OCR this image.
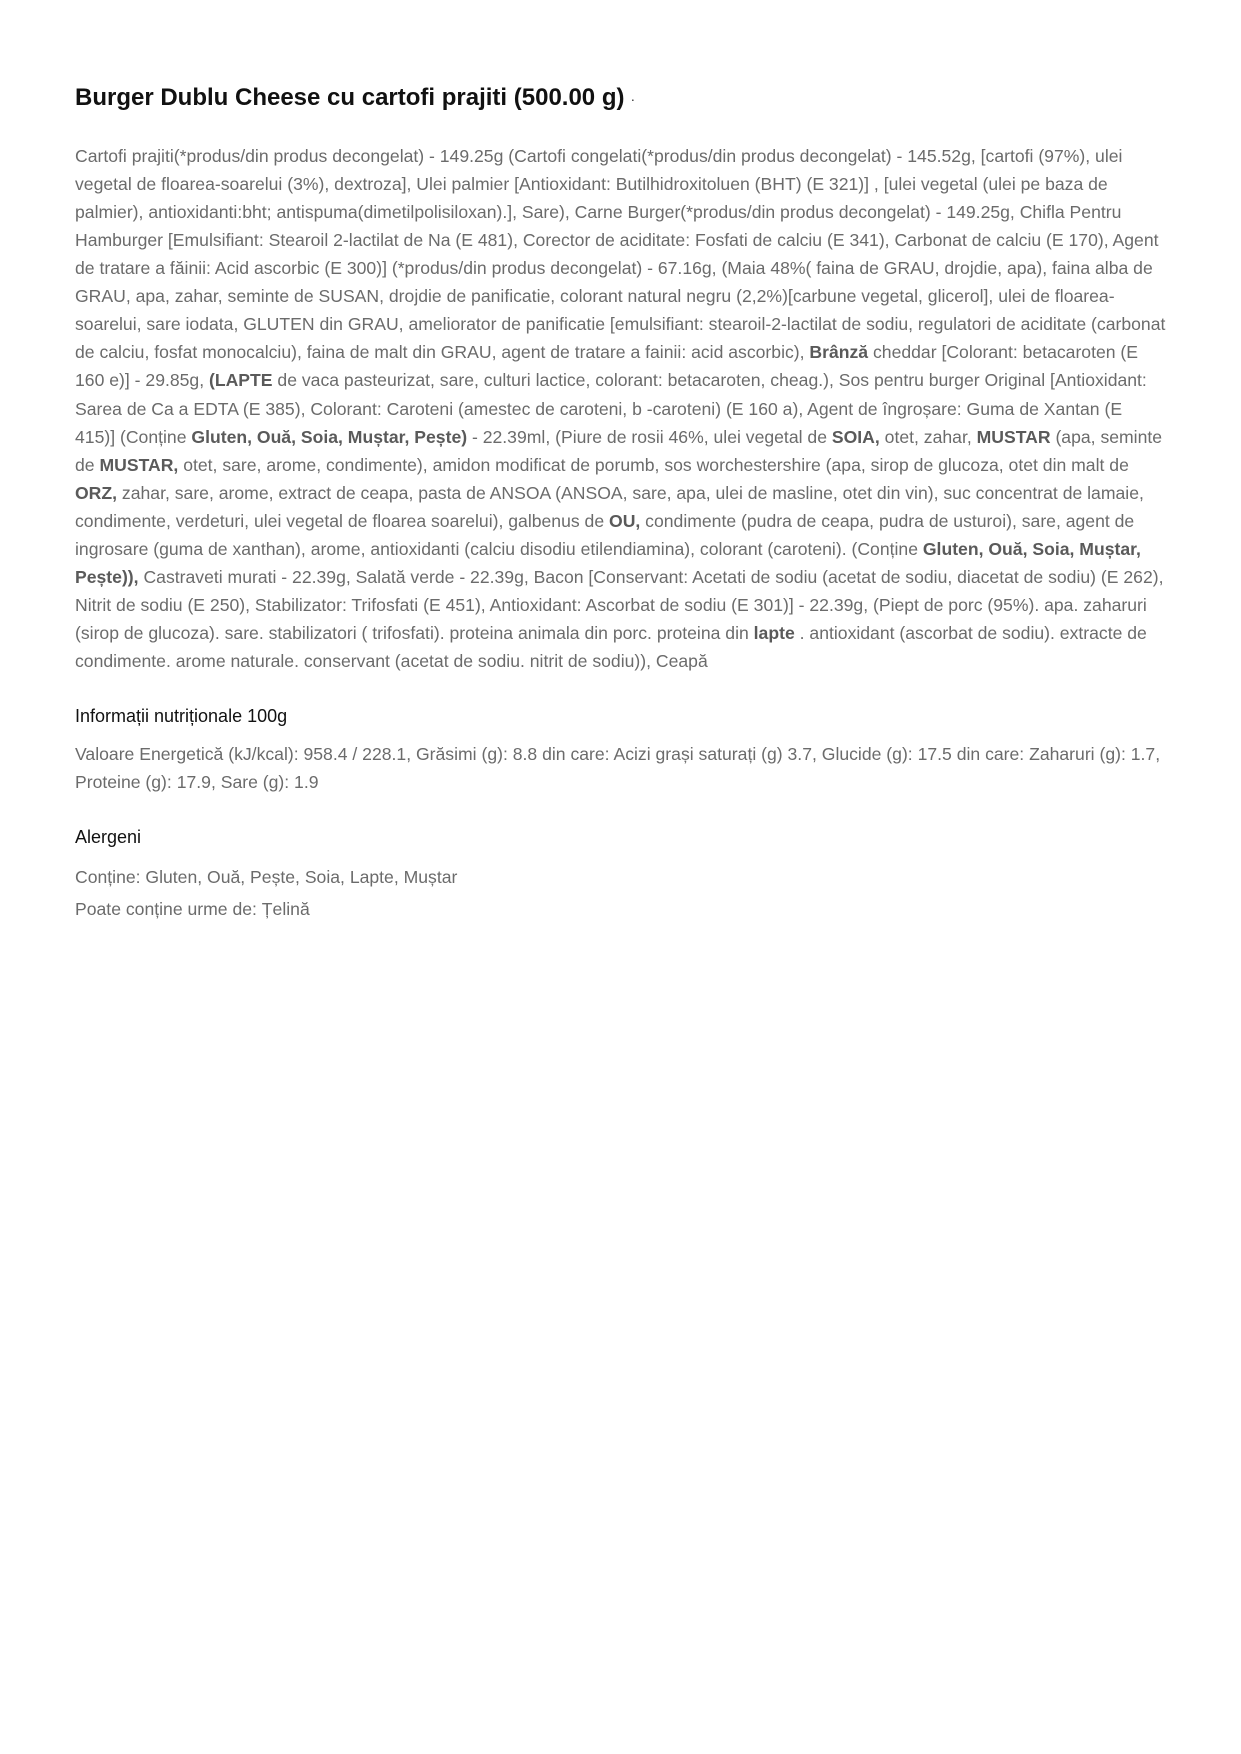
Burger Dublu Cheese cu cartofi prajiti (500.00 g) ·

Cartofi prajiti(*produs/din produs decongelat) - 149.25g (Cartofi congelati(*produs/din produs decongelat) - 145.52g, [cartofi (97%), ulei vegetal de floarea-soarelui (3%), dextroza], Ulei palmier [Antioxidant: Butilhidroxitoluen (BHT) (E 321)] , [ulei vegetal (ulei pe baza de palmier), antioxidanti:bht; antispuma(dimetilpolisiloxan).], Sare), Carne Burger(*produs/din produs decongelat) - 149.25g, Chifla Pentru Hamburger [Emulsifiant: Stearoil 2-lactilat de Na (E 481), Corector de aciditate: Fosfati de calciu (E 341), Carbonat de calciu (E 170), Agent de tratare a făinii: Acid ascorbic (E 300)] (*produs/din produs decongelat) - 67.16g, (Maia 48%( faina de GRAU, drojdie, apa), faina alba de GRAU, apa, zahar, seminte de SUSAN, drojdie de panificatie, colorant natural negru (2,2%)[carbune vegetal, glicerol], ulei de floarea-soarelui, sare iodata, GLUTEN din GRAU, ameliorator de panificatie [emulsifiant: stearoil-2-lactilat de sodiu, regulatori de aciditate (carbonat de calciu, fosfat monocalciu), faina de malt din GRAU, agent de tratare a fainii: acid ascorbic), Brânză cheddar [Colorant: betacaroten (E 160 e)] - 29.85g, (LAPTE de vaca pasteurizat, sare, culturi lactice, colorant: betacaroten, cheag.), Sos pentru burger Original [Antioxidant: Sarea de Ca a EDTA (E 385), Colorant: Caroteni (amestec de caroteni, b -caroteni) (E 160 a), Agent de îngroșare: Guma de Xantan (E 415)] (Conține Gluten, Ouă, Soia, Muștar, Pește) - 22.39ml, (Piure de rosii 46%, ulei vegetal de SOIA, otet, zahar, MUSTAR (apa, seminte de MUSTAR, otet, sare, arome, condimente), amidon modificat de porumb, sos worchestershire (apa, sirop de glucoza, otet din malt de ORZ, zahar, sare, arome, extract de ceapa, pasta de ANSOA (ANSOA, sare, apa, ulei de masline, otet din vin), suc concentrat de lamaie, condimente, verdeturi, ulei vegetal de floarea soarelui), galbenus de OU, condimente (pudra de ceapa, pudra de usturoi), sare, agent de ingrosare (guma de xanthan), arome, antioxidanti (calciu disodiu etilendiamina), colorant (caroteni). (Conține Gluten, Ouă, Soia, Muștar, Pește)), Castraveti murati - 22.39g, Salată verde - 22.39g, Bacon [Conservant: Acetati de sodiu (acetat de sodiu, diacetat de sodiu) (E 262), Nitrit de sodiu (E 250), Stabilizator: Trifosfati (E 451), Antioxidant: Ascorbat de sodiu (E 301)] - 22.39g, (Piept de porc (95%). apa. zaharuri (sirop de glucoza). sare. stabilizatori ( trifosfati). proteina animala din porc. proteina din lapte . antioxidant (ascorbat de sodiu). extracte de condimente. arome naturale. conservant (acetat de sodiu. nitrit de sodiu)), Ceapă

Informații nutriționale 100g

Valoare Energetică (kJ/kcal): 958.4 / 228.1, Grăsimi (g): 8.8 din care: Acizi grași saturați (g) 3.7, Glucide (g): 17.5 din care: Zaharuri (g): 1.7, Proteine (g): 17.9, Sare (g): 1.9

Alergeni

Conține: Gluten, Ouă, Pește, Soia, Lapte, Muștar

Poate conține urme de: Țelină
